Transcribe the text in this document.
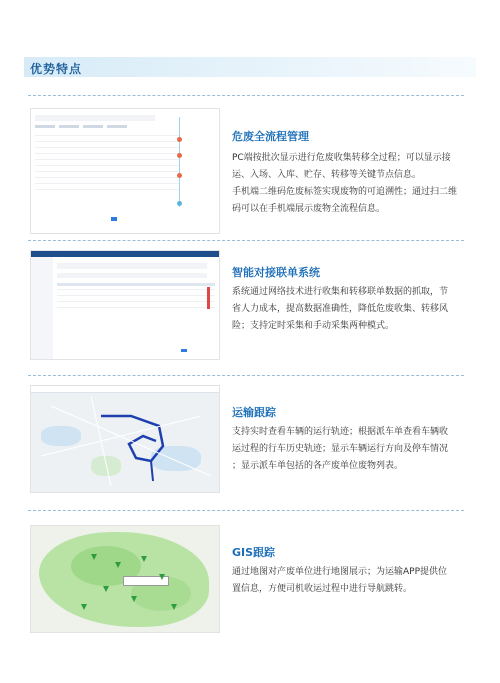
优势特点
危废全流程管理
PC端按批次显示进行危废收集转移全过程；可以显示接
运、入场、入库、贮存、转移等关键节点信息。
手机端二维码危废标签实现废物的可追溯性；通过扫二维
码可以在手机端展示废物全流程信息。
智能对接联单系统
系统通过网络技术进行收集和转移联单数据的抓取，节
省人力成本，提高数据准确性，降低危废收集、转移风
险；支持定时采集和手动采集两种模式。
运输跟踪
支持实时查看车辆的运行轨迹；根据派车单查看车辆收
运过程的行车历史轨迹；显示车辆运行方向及停车情况
；显示派车单包括的各产废单位废物列表。
GIS跟踪
通过地图对产废单位进行地图展示；为运输APP提供位
置信息，方便司机收运过程中进行导航跳转。
